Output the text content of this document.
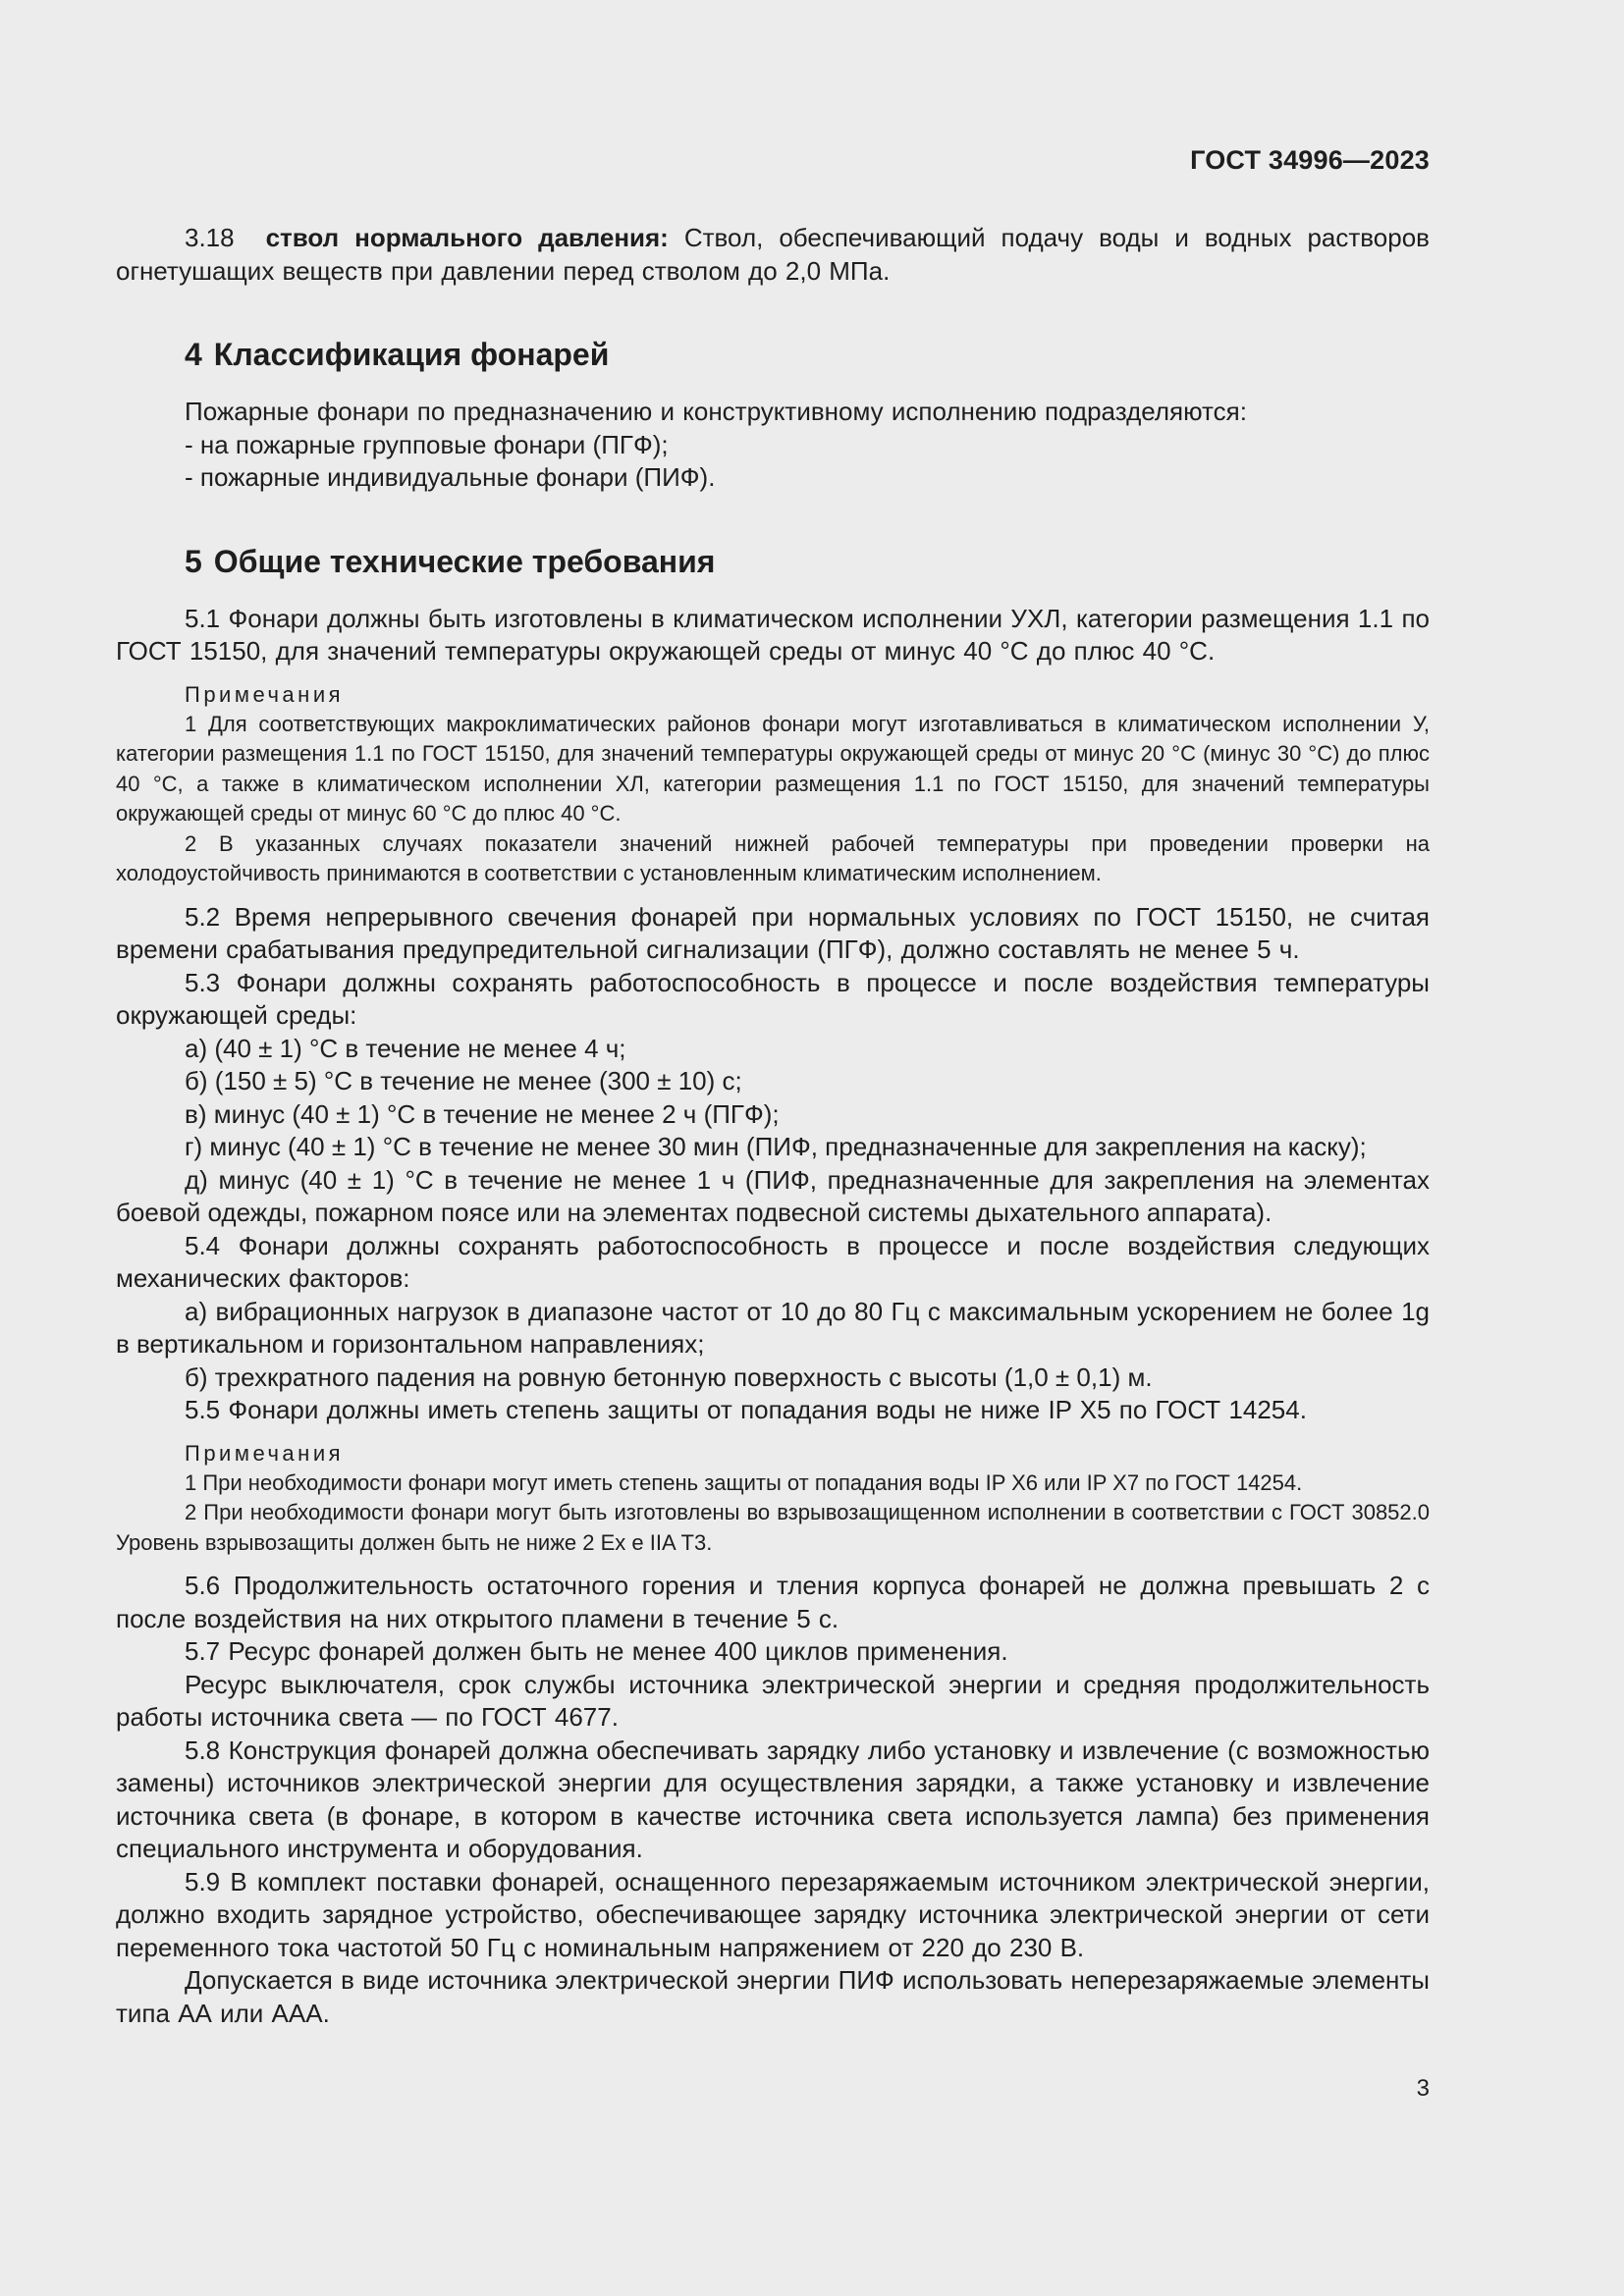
ГОСТ 34996—2023

3.18 ствол нормального давления: Ствол, обеспечивающий подачу воды и водных растворов огнетушащих веществ при давлении перед стволом до 2,0 МПа.

4 Классификация фонарей

Пожарные фонари по предназначению и конструктивному исполнению подразделяются:

- на пожарные групповые фонари (ПГФ);

- пожарные индивидуальные фонари (ПИФ).

5 Общие технические требования

5.1 Фонари должны быть изготовлены в климатическом исполнении УХЛ, категории размещения 1.1 по ГОСТ 15150, для значений температуры окружающей среды от минус 40 °С до плюс 40 °С.

Примечания

1 Для соответствующих макроклиматических районов фонари могут изготавливаться в климатическом исполнении У, категории размещения 1.1 по ГОСТ 15150, для значений температуры окружающей среды от минус 20 °С (минус 30 °С) до плюс 40 °С, а также в климатическом исполнении ХЛ, категории размещения 1.1 по ГОСТ 15150, для значений температуры окружающей среды от минус 60 °С до плюс 40 °С.

2 В указанных случаях показатели значений нижней рабочей температуры при проведении проверки на холодоустойчивость принимаются в соответствии с установленным климатическим исполнением.

5.2 Время непрерывного свечения фонарей при нормальных условиях по ГОСТ 15150, не считая времени срабатывания предупредительной сигнализации (ПГФ), должно составлять не менее 5 ч.

5.3 Фонари должны сохранять работоспособность в процессе и после воздействия температуры окружающей среды:

а) (40 ± 1) °С в течение не менее 4 ч;

б) (150 ± 5) °С в течение не менее (300 ± 10) с;

в) минус (40 ± 1) °С в течение не менее 2 ч (ПГФ);

г) минус (40 ± 1) °С в течение не менее 30 мин (ПИФ, предназначенные для закрепления на каску);

д) минус (40 ± 1) °С в течение не менее 1 ч (ПИФ, предназначенные для закрепления на элементах боевой одежды, пожарном поясе или на элементах подвесной системы дыхательного аппарата).

5.4 Фонари должны сохранять работоспособность в процессе и после воздействия следующих механических факторов:

а) вибрационных нагрузок в диапазоне частот от 10 до 80 Гц с максимальным ускорением не более 1g в вертикальном и горизонтальном направлениях;

б) трехкратного падения на ровную бетонную поверхность с высоты (1,0 ± 0,1) м.

5.5 Фонари должны иметь степень защиты от попадания воды не ниже IP X5 по ГОСТ 14254.

Примечания

1 При необходимости фонари могут иметь степень защиты от попадания воды IP X6 или IP X7 по ГОСТ 14254.

2 При необходимости фонари могут быть изготовлены во взрывозащищенном исполнении в соответствии с ГОСТ 30852.0 Уровень взрывозащиты должен быть не ниже 2 Ex е IIA Т3.

5.6 Продолжительность остаточного горения и тления корпуса фонарей не должна превышать 2 с после воздействия на них открытого пламени в течение 5 с.

5.7 Ресурс фонарей должен быть не менее 400 циклов применения.

Ресурс выключателя, срок службы источника электрической энергии и средняя продолжительность работы источника света — по ГОСТ 4677.

5.8 Конструкция фонарей должна обеспечивать зарядку либо установку и извлечение (с возможностью замены) источников электрической энергии для осуществления зарядки, а также установку и извлечение источника света (в фонаре, в котором в качестве источника света используется лампа) без применения специального инструмента и оборудования.

5.9 В комплект поставки фонарей, оснащенного перезаряжаемым источником электрической энергии, должно входить зарядное устройство, обеспечивающее зарядку источника электрической энергии от сети переменного тока частотой 50 Гц с номинальным напряжением от 220 до 230 В.

Допускается в виде источника электрической энергии ПИФ использовать неперезаряжаемые элементы типа АА или ААА.

3
